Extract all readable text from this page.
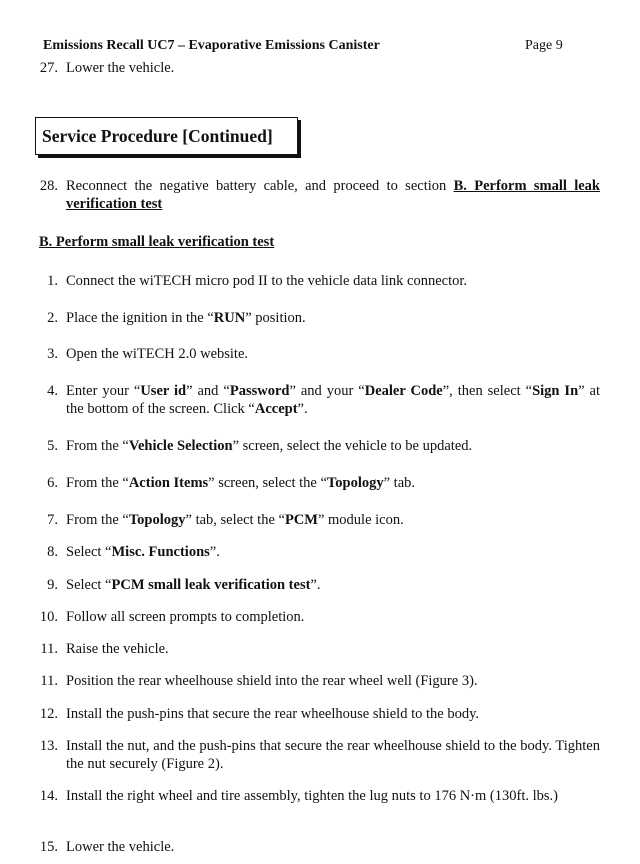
Emissions Recall UC7 – Evaporative Emissions Canister	Page 9
27. Lower the vehicle.
Service Procedure [Continued]
28. Reconnect the negative battery cable, and proceed to section B. Perform small leak verification test
B. Perform small leak verification test
1. Connect the wiTECH micro pod II to the vehicle data link connector.
2. Place the ignition in the “RUN” position.
3. Open the wiTECH 2.0 website.
4. Enter your “User id” and “Password” and your “Dealer Code”, then select “Sign In” at the bottom of the screen. Click “Accept”.
5. From the “Vehicle Selection” screen, select the vehicle to be updated.
6. From the “Action Items” screen, select the “Topology” tab.
7. From the “Topology” tab, select the “PCM” module icon.
8. Select “Misc. Functions”.
9. Select “PCM small leak verification test”.
10. Follow all screen prompts to completion.
11. Raise the vehicle.
11. Position the rear wheelhouse shield into the rear wheel well (Figure 3).
12. Install the push-pins that secure the rear wheelhouse shield to the body.
13. Install the nut, and the push-pins that secure the rear wheelhouse shield to the body. Tighten the nut securely (Figure 2).
14. Install the right wheel and tire assembly, tighten the lug nuts to 176 N·m (130ft. lbs.)
15. Lower the vehicle.
